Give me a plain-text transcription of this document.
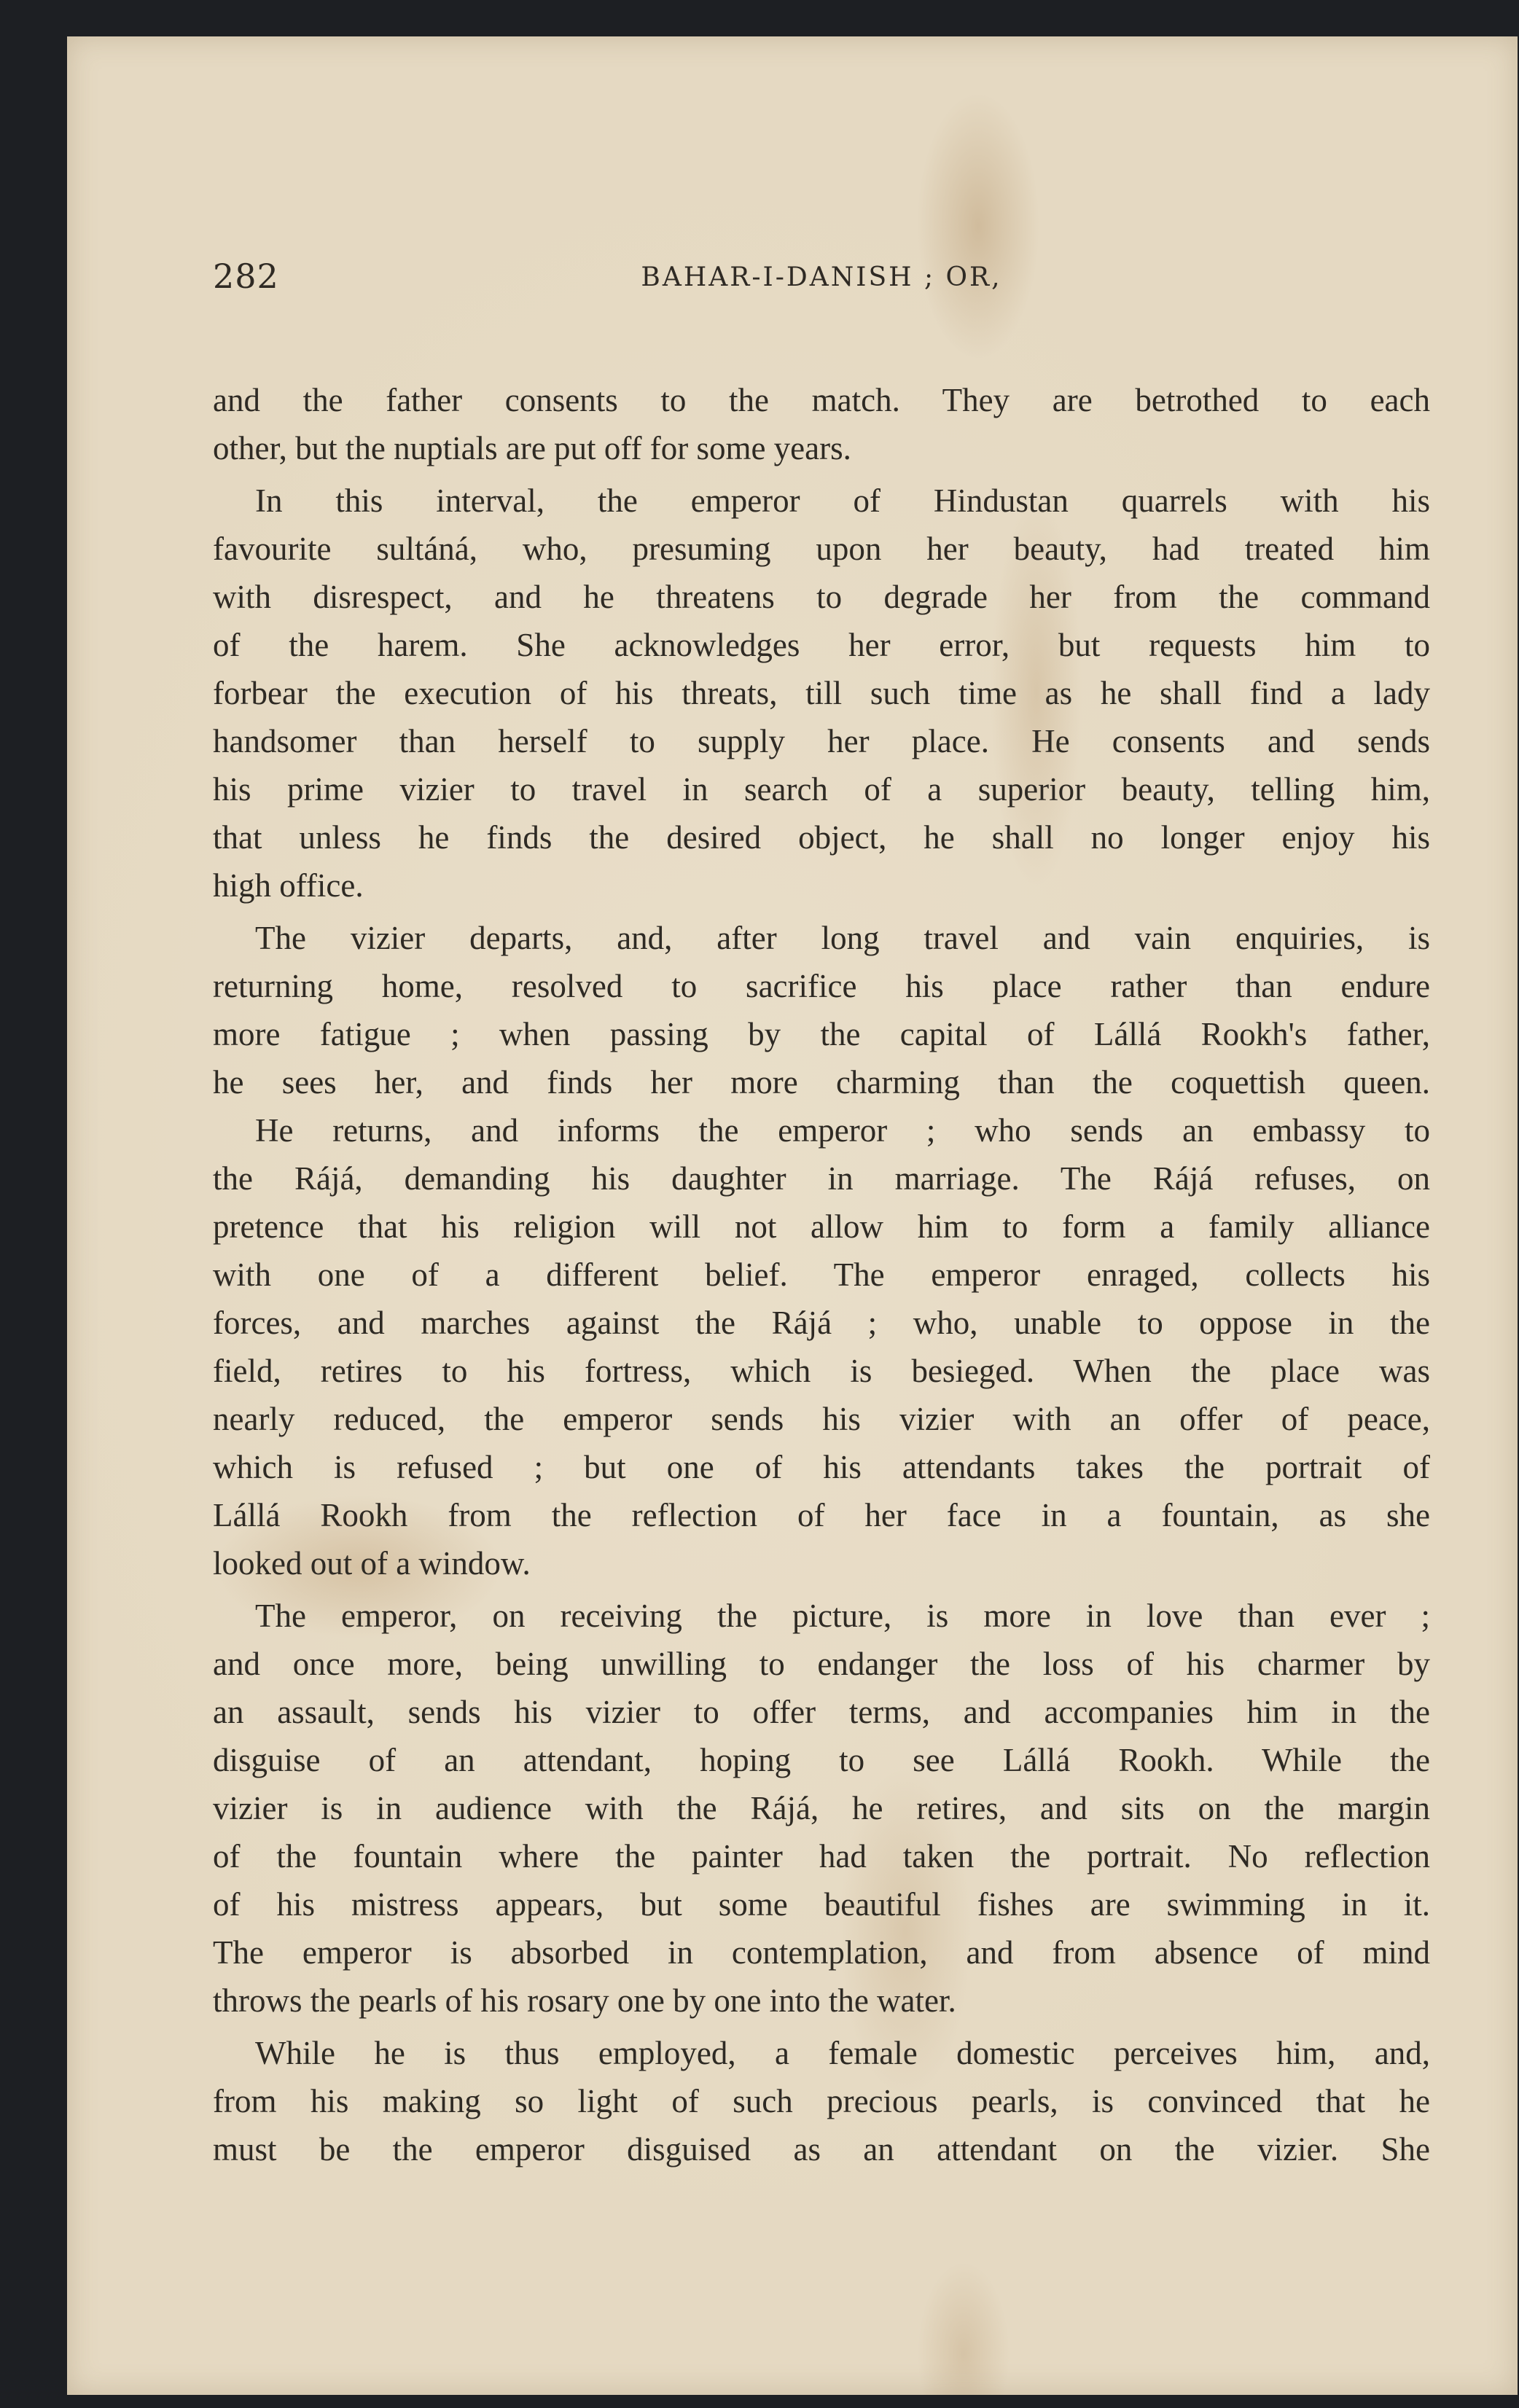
282	BAHAR-I-DANISH ; OR,
and the father consents to the match. They are betrothed to each
other, but the nuptials are put off for some years.
In this interval, the emperor of Hindustan quarrels with his
favourite sultáná, who, presuming upon her beauty, had treated him
with disrespect, and he threatens to degrade her from the command
of the harem. She acknowledges her error, but requests him to
forbear the execution of his threats, till such time as he shall find a lady
handsomer than herself to supply her place. He consents and sends
his prime vizier to travel in search of a superior beauty, telling him,
that unless he finds the desired object, he shall no longer enjoy his
high office.
The vizier departs, and, after long travel and vain enquiries, is
returning home, resolved to sacrifice his place rather than endure
more fatigue ; when passing by the capital of Lállá Rookh's father,
he sees her, and finds her more charming than the coquettish queen.
He returns, and informs the emperor ; who sends an embassy to
the Rájá, demanding his daughter in marriage. The Rájá refuses, on
pretence that his religion will not allow him to form a family alliance
with one of a different belief. The emperor enraged, collects his
forces, and marches against the Rájá ; who, unable to oppose in the
field, retires to his fortress, which is besieged. When the place was
nearly reduced, the emperor sends his vizier with an offer of peace,
which is refused ; but one of his attendants takes the portrait of
Lállá Rookh from the reflection of her face in a fountain, as she
looked out of a window.
The emperor, on receiving the picture, is more in love than ever ;
and once more, being unwilling to endanger the loss of his charmer by
an assault, sends his vizier to offer terms, and accompanies him in the
disguise of an attendant, hoping to see Lállá Rookh. While the
vizier is in audience with the Rájá, he retires, and sits on the margin
of the fountain where the painter had taken the portrait. No reflection
of his mistress appears, but some beautiful fishes are swimming in it.
The emperor is absorbed in contemplation, and from absence of mind
throws the pearls of his rosary one by one into the water.
While he is thus employed, a female domestic perceives him, and,
from his making so light of such precious pearls, is convinced that he
must be the emperor disguised as an attendant on the vizier. She
